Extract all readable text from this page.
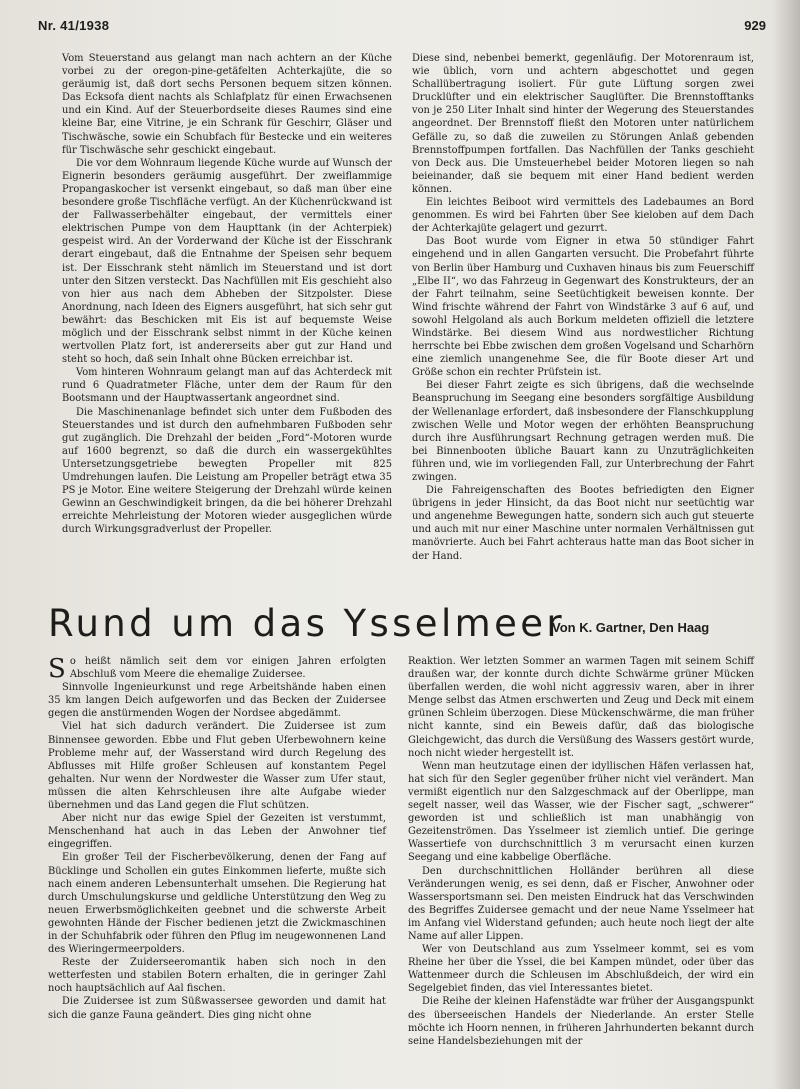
Nr. 41/1938	929

Vom Steuerstand aus gelangt man nach achtern an der Küche vorbei zu der oregon-pine-getäfelten Achterkajüte, die so geräumig ist, daß dort sechs Personen bequem sitzen können. Das Ecksofa dient nachts als Schlafplatz für einen Erwachsenen und ein Kind. Auf der Steuerbordseite dieses Raumes sind eine kleine Bar, eine Vitrine, je ein Schrank für Geschirr, Gläser und Tischwäsche, sowie ein Schubfach für Bestecke und ein weiteres für Tischwäsche sehr geschickt eingebaut.

Die vor dem Wohnraum liegende Küche wurde auf Wunsch der Eignerin besonders geräumig ausgeführt. Der zweiflammige Propangaskocher ist versenkt eingebaut, so daß man über eine besondere große Tischfläche verfügt. An der Küchenrückwand ist der Fallwasserbehälter eingebaut, der vermittels einer elektrischen Pumpe von dem Haupttank (in der Achterpiek) gespeist wird. An der Vorderwand der Küche ist der Eisschrank derart eingebaut, daß die Entnahme der Speisen sehr bequem ist. Der Eisschrank steht nämlich im Steuerstand und ist dort unter den Sitzen versteckt. Das Nachfüllen mit Eis geschieht also von hier aus nach dem Abheben der Sitzpolster. Diese Anordnung, nach Ideen des Eigners ausgeführt, hat sich sehr gut bewährt: das Beschicken mit Eis ist auf bequemste Weise möglich und der Eisschrank selbst nimmt in der Küche keinen wertvollen Platz fort, ist andererseits aber gut zur Hand und steht so hoch, daß sein Inhalt ohne Bücken erreichbar ist.

Vom hinteren Wohnraum gelangt man auf das Achterdeck mit rund 6 Quadratmeter Fläche, unter dem der Raum für den Bootsmann und der Hauptwassertank angeordnet sind.

Die Maschinenanlage befindet sich unter dem Fußboden des Steuerstandes und ist durch den aufnehmbaren Fußboden sehr gut zugänglich. Die Drehzahl der beiden „Ford“-Motoren wurde auf 1600 begrenzt, so daß die durch ein wassergekühltes Untersetzungsgetriebe bewegten Propeller mit 825 Umdrehungen laufen. Die Leistung am Propeller beträgt etwa 35 PS je Motor. Eine weitere Steigerung der Drehzahl würde keinen Gewinn an Geschwindigkeit bringen, da die bei höherer Drehzahl erreichte Mehrleistung der Motoren wieder ausgeglichen würde durch Wirkungsgradverlust der Propeller.

Diese sind, nebenbei bemerkt, gegenläufig. Der Motorenraum ist, wie üblich, vorn und achtern abgeschottet und gegen Schallübertragung isoliert. Für gute Lüftung sorgen zwei Drucklüfter und ein elektrischer Sauglüfter. Die Brennstofftanks von je 250 Liter Inhalt sind hinter der Wegerung des Steuerstandes angeordnet. Der Brennstoff fließt den Motoren unter natürlichem Gefälle zu, so daß die zuweilen zu Störungen Anlaß gebenden Brennstoffpumpen fortfallen. Das Nachfüllen der Tanks geschieht von Deck aus. Die Umsteuerhebel beider Motoren liegen so nah beieinander, daß sie bequem mit einer Hand bedient werden können.

Ein leichtes Beiboot wird vermittels des Ladebaumes an Bord genommen. Es wird bei Fahrten über See kieloben auf dem Dach der Achterkajüte gelagert und gezurrt.

Das Boot wurde vom Eigner in etwa 50 stündiger Fahrt eingehend und in allen Gangarten versucht. Die Probefahrt führte von Berlin über Hamburg und Cuxhaven hinaus bis zum Feuerschiff „Elbe II“, wo das Fahrzeug in Gegenwart des Konstrukteurs, der an der Fahrt teilnahm, seine Seetüchtigkeit beweisen konnte. Der Wind frischte während der Fahrt von Windstärke 3 auf 6 auf, und sowohl Helgoland als auch Borkum meldeten offiziell die letztere Windstärke. Bei diesem Wind aus nordwestlicher Richtung herrschte bei Ebbe zwischen dem großen Vogelsand und Scharhörn eine ziemlich unangenehme See, die für Boote dieser Art und Größe schon ein rechter Prüfstein ist.

Bei dieser Fahrt zeigte es sich übrigens, daß die wechselnde Beanspruchung im Seegang eine besonders sorgfältige Ausbildung der Wellenanlage erfordert, daß insbesondere der Flanschkupplung zwischen Welle und Motor wegen der erhöhten Beanspruchung durch ihre Ausführungsart Rechnung getragen werden muß. Die bei Binnenbooten übliche Bauart kann zu Unzuträglichkeiten führen und, wie im vorliegenden Fall, zur Unterbrechung der Fahrt zwingen.

Die Fahreigenschaften des Bootes befriedigten den Eigner übrigens in jeder Hinsicht, da das Boot nicht nur seetüchtig war und angenehme Bewegungen hatte, sondern sich auch gut steuerte und auch mit nur einer Maschine unter normalen Verhältnissen gut manövrierte. Auch bei Fahrt achteraus hatte man das Boot sicher in der Hand.

Rund um das Ysselmeer
Von K. Gartner, Den Haag

So heißt nämlich seit dem vor einigen Jahren erfolgten Abschluß vom Meere die ehemalige Zuidersee.

Sinnvolle Ingenieurkunst und rege Arbeitshände haben einen 35 km langen Deich aufgeworfen und das Becken der Zuidersee gegen die anstürmenden Wogen der Nordsee abgedämmt.

Viel hat sich dadurch verändert. Die Zuidersee ist zum Binnensee geworden. Ebbe und Flut geben Uferbewohnern keine Probleme mehr auf, der Wasserstand wird durch Regelung des Abflusses mit Hilfe großer Schleusen auf konstantem Pegel gehalten. Nur wenn der Nordwester die Wasser zum Ufer staut, müssen die alten Kehrschleusen ihre alte Aufgabe wieder übernehmen und das Land gegen die Flut schützen.

Aber nicht nur das ewige Spiel der Gezeiten ist verstummt, Menschenhand hat auch in das Leben der Anwohner tief eingegriffen.

Ein großer Teil der Fischerbevölkerung, denen der Fang auf Bücklinge und Schollen ein gutes Einkommen lieferte, mußte sich nach einem anderen Lebensunterhalt umsehen. Die Regierung hat durch Umschulungskurse und geldliche Unterstützung den Weg zu neuen Erwerbsmöglichkeiten geebnet und die schwerste Arbeit gewohnten Hände der Fischer bedienen jetzt die Zwickmaschinen in der Schuhfabrik oder führen den Pflug im neugewonnenen Land des Wieringermeerpolders.

Reste der Zuiderseeromantik haben sich noch in den wetterfesten und stabilen Botern erhalten, die in geringer Zahl noch hauptsächlich auf Aal fischen.

Die Zuidersee ist zum Süßwassersee geworden und damit hat sich die ganze Fauna geändert. Dies ging nicht ohne

Reaktion. Wer letzten Sommer an warmen Tagen mit seinem Schiff draußen war, der konnte durch dichte Schwärme grüner Mücken überfallen werden, die wohl nicht aggressiv waren, aber in ihrer Menge selbst das Atmen erschwerten und Zeug und Deck mit einem grünen Schleim überzogen. Diese Mückenschwärme, die man früher nicht kannte, sind ein Beweis dafür, daß das biologische Gleichgewicht, das durch die Versüßung des Wassers gestört wurde, noch nicht wieder hergestellt ist.

Wenn man heutzutage einen der idyllischen Häfen verlassen hat, hat sich für den Segler gegenüber früher nicht viel verändert. Man vermißt eigentlich nur den Salzgeschmack auf der Oberlippe, man segelt nasser, weil das Wasser, wie der Fischer sagt, „schwerer“ geworden ist und schließlich ist man unabhängig von Gezeitenströmen. Das Ysselmeer ist ziemlich untief. Die geringe Wassertiefe von durchschnittlich 3 m verursacht einen kurzen Seegang und eine kabbelige Oberfläche.

Den durchschnittlichen Holländer berühren all diese Veränderungen wenig, es sei denn, daß er Fischer, Anwohner oder Wassersportsmann sei. Den meisten Eindruck hat das Verschwinden des Begriffes Zuidersee gemacht und der neue Name Ysselmeer hat im Anfang viel Widerstand gefunden; auch heute noch liegt der alte Name auf aller Lippen.

Wer von Deutschland aus zum Ysselmeer kommt, sei es vom Rheine her über die Yssel, die bei Kampen mündet, oder über das Wattenmeer durch die Schleusen im Abschlußdeich, der wird ein Segelgebiet finden, das viel Interessantes bietet.

Die Reihe der kleinen Hafenstädte war früher der Ausgangspunkt des überseeischen Handels der Niederlande. An erster Stelle möchte ich Hoorn nennen, in früheren Jahrhunderten bekannt durch seine Handelsbeziehungen mit der
